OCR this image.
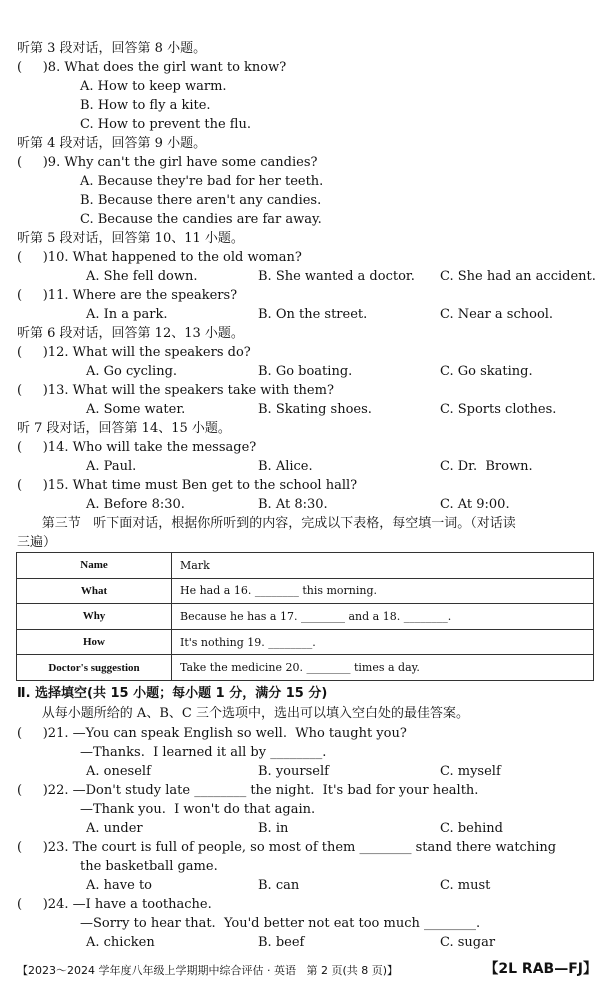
听第 3 段对话，回答第 8 小题。
(     )8. What does the girl want to know?
A. How to keep warm.
B. How to fly a kite.
C. How to prevent the flu.
听第 4 段对话，回答第 9 小题。
(     )9. Why can't the girl have some candies?
A. Because they're bad for her teeth.
B. Because there aren't any candies.
C. Because the candies are far away.
听第 5 段对话，回答第 10、11 小题。
(     )10. What happened to the old woman?
(     )11. Where are the speakers?
听第 6 段对话，回答第 12、13 小题。
(     )12. What will the speakers do?
(     )13. What will the speakers take with them?
听 7 段对话，回答第 14、15 小题。
(     )14. Who will take the message?
(     )15. What time must Ben get to the school hall?
第三节   听下面对话，根据你所听到的内容，完成以下表格，每空填一词。（对话读
三遍）
Ⅱ. 选择填空(共 15 小题；每小题 1 分，满分 15 分)
从每小题所给的 A、B、C 三个选项中，选出可以填入空白处的最佳答案。
(     )21. —You can speak English so well.  Who taught you?
—Thanks.  I learned it all by ________.
(     )22. —Don't study late ________ the night.  It's bad for your health.
—Thank you.  I won't do that again.
(     )23. The court is full of people, so most of them ________ stand there watching
the basketball game.
(     )24. —I have a toothache.
—Sorry to hear that.  You'd better not eat too much ________.
A. She fell down.	B. She wanted a doctor. C. She had an accident.
A. In a park.	B. On the street.	C. Near a school.
A. Go cycling.	B. Go boating.	C. Go skating.
A. Some water.	B. Skating shoes.	C. Sports clothes.
A. Paul.	B. Alice.	C. Dr.  Brown.
A. Before 8:30.	B. At 8:30.	C. At 9:00.
A. oneself	B. yourself	C. myself
A. under	B. in	C. behind
A. have to	B. can	C. must
A. chicken	B. beef	C. sugar
Name	Mark
What	He had a 16. ________ this morning.
Why	Because he has a 17. ________ and a 18. ________.
How	It's nothing 19. ________.
Doctor's suggestion	Take the medicine 20. ________ times a day.
【2023～2024 学年度八年级上学期期中综合评估 · 英语   第 2 页(共 8 页)】	【2L RAB—FJ】
